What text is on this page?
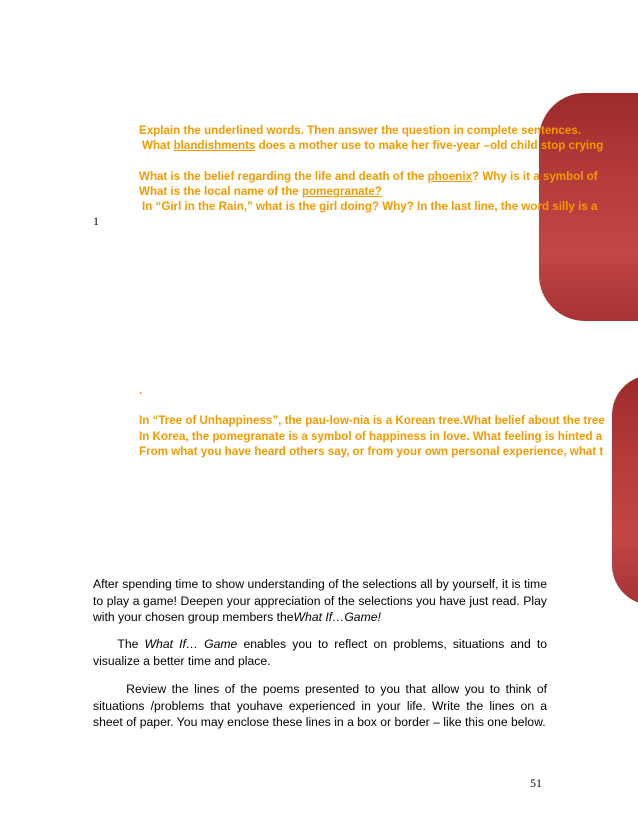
Explain the underlined words. Then answer the question in complete sentences.
What blandishments does a mother use to make her five-year –old child stop crying
What is the belief regarding the life and death of the phoenix? Why is it a symbol of
What is the local name of the pomegranate?
In “Girl in the Rain,” what is the girl doing? Why? In the last line, the word silly is a
1
.
In “Tree of Unhappiness”, the pau-low-nia is a Korean tree.What belief about the tree
In Korea, the pomegranate is a symbol of happiness in love. What feeling is hinted a
From what you have heard others say, or from your own personal experience, what t
After spending time to show understanding of the selections all by yourself, it is time to play a game! Deepen your appreciation of the selections you have just read. Play with your chosen group members theWhat If…Game!
The What If… Game enables you to reflect on problems, situations and to visualize a better time and place.
Review the lines of the poems presented to you that allow you to think of situations /problems that youhave experienced in your life. Write the lines on a sheet of paper. You may enclose these lines in a box or border – like this one below.
51
